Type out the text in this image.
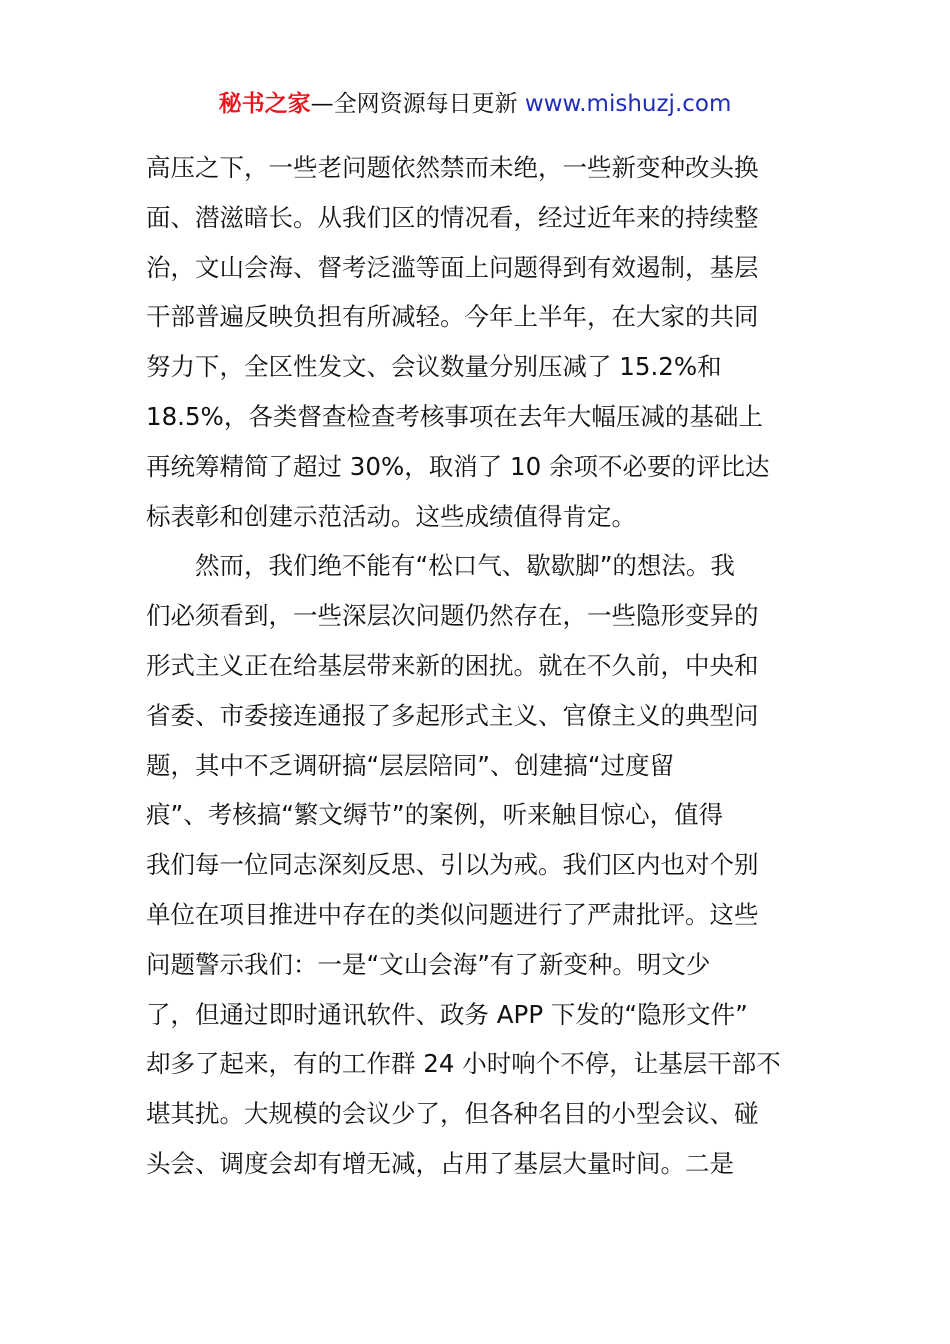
秘书之家—全网资源每日更新 www.mishuzj.com
高压之下，一些老问题依然禁而未绝，一些新变种改头换
面、潜滋暗长。从我们区的情况看，经过近年来的持续整
治，文山会海、督考泛滥等面上问题得到有效遏制，基层
干部普遍反映负担有所减轻。今年上半年，在大家的共同
努力下，全区性发文、会议数量分别压减了 15.2%和
18.5%，各类督查检查考核事项在去年大幅压减的基础上
再统筹精简了超过 30%，取消了 10 余项不必要的评比达
标表彰和创建示范活动。这些成绩值得肯定。
然而，我们绝不能有“松口气、歇歇脚”的想法。我
们必须看到，一些深层次问题仍然存在，一些隐形变异的
形式主义正在给基层带来新的困扰。就在不久前，中央和
省委、市委接连通报了多起形式主义、官僚主义的典型问
题，其中不乏调研搞“层层陪同”、创建搞“过度留
痕”、考核搞“繁文缛节”的案例，听来触目惊心，值得
我们每一位同志深刻反思、引以为戒。我们区内也对个别
单位在项目推进中存在的类似问题进行了严肃批评。这些
问题警示我们：一是“文山会海”有了新变种。明文少
了，但通过即时通讯软件、政务 APP 下发的“隐形文件”
却多了起来，有的工作群 24 小时响个不停，让基层干部不
堪其扰。大规模的会议少了，但各种名目的小型会议、碰
头会、调度会却有增无减，占用了基层大量时间。二是
